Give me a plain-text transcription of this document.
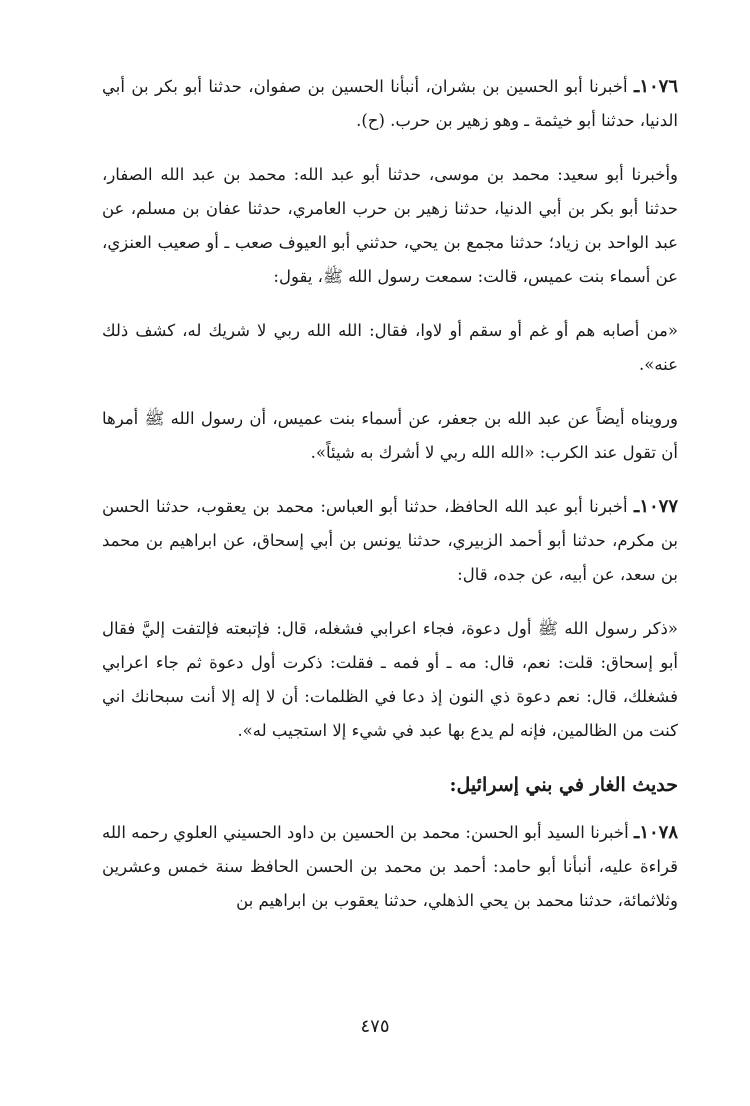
١٠٧٦ـ أخبرنا أبو الحسين بن بشران، أنبأنا الحسين بن صفوان، حدثنا أبو بكر بن أبي الدنيا، حدثنا أبو خيثمة ـ وهو زهير بن حرب. (ح).

وأخبرنا أبو سعيد: محمد بن موسى، حدثنا أبو عبد الله: محمد بن عبد الله الصفار، حدثنا أبو بكر بن أبي الدنيا، حدثنا زهير بن حرب العامري، حدثنا عفان بن مسلم، عن عبد الواحد بن زياد؛ حدثنا مجمع بن يحي، حدثني أبو العيوف صعب ـ أو صعيب العنزي، عن أسماء بنت عميس، قالت: سمعت رسول الله ﷺ، يقول:

«من أصابه هم أو غم أو سقم أو لاوا، فقال: الله الله ربي لا شريك له، كشف ذلك عنه».

ورويناه أيضاً عن عبد الله بن جعفر، عن أسماء بنت عميس، أن رسول الله ﷺ أمرها أن تقول عند الكرب: «الله الله ربي لا أشرك به شيئاً».

١٠٧٧ـ أخبرنا أبو عبد الله الحافظ، حدثنا أبو العباس: محمد بن يعقوب، حدثنا الحسن بن مكرم، حدثنا أبو أحمد الزبيري، حدثنا يونس بن أبي إسحاق، عن ابراهيم بن محمد بن سعد، عن أبيه، عن جده، قال:

«ذكر رسول الله ﷺ أول دعوة، فجاء اعرابي فشغله، قال: فإتبعته فإلتفت إليَّ فقال أبو إسحاق: قلت: نعم، قال: مه ـ أو فمه ـ فقلت: ذكرت أول دعوة ثم جاء اعرابي فشغلك، قال: نعم دعوة ذي النون إذ دعا في الظلمات: أن لا إله إلا أنت سبحانك اني كنت من الظالمين، فإنه لم يدع بها عبد في شيء إلا استجيب له».

حديث الغار في بني إسرائيل:

١٠٧٨ـ أخبرنا السيد أبو الحسن: محمد بن الحسين بن داود الحسيني العلوي رحمه الله قراءة عليه، أنبأنا أبو حامد: أحمد بن محمد بن الحسن الحافظ سنة خمس وعشرين وثلاثمائة، حدثنا محمد بن يحي الذهلي، حدثنا يعقوب بن ابراهيم بن

٤٧٥
